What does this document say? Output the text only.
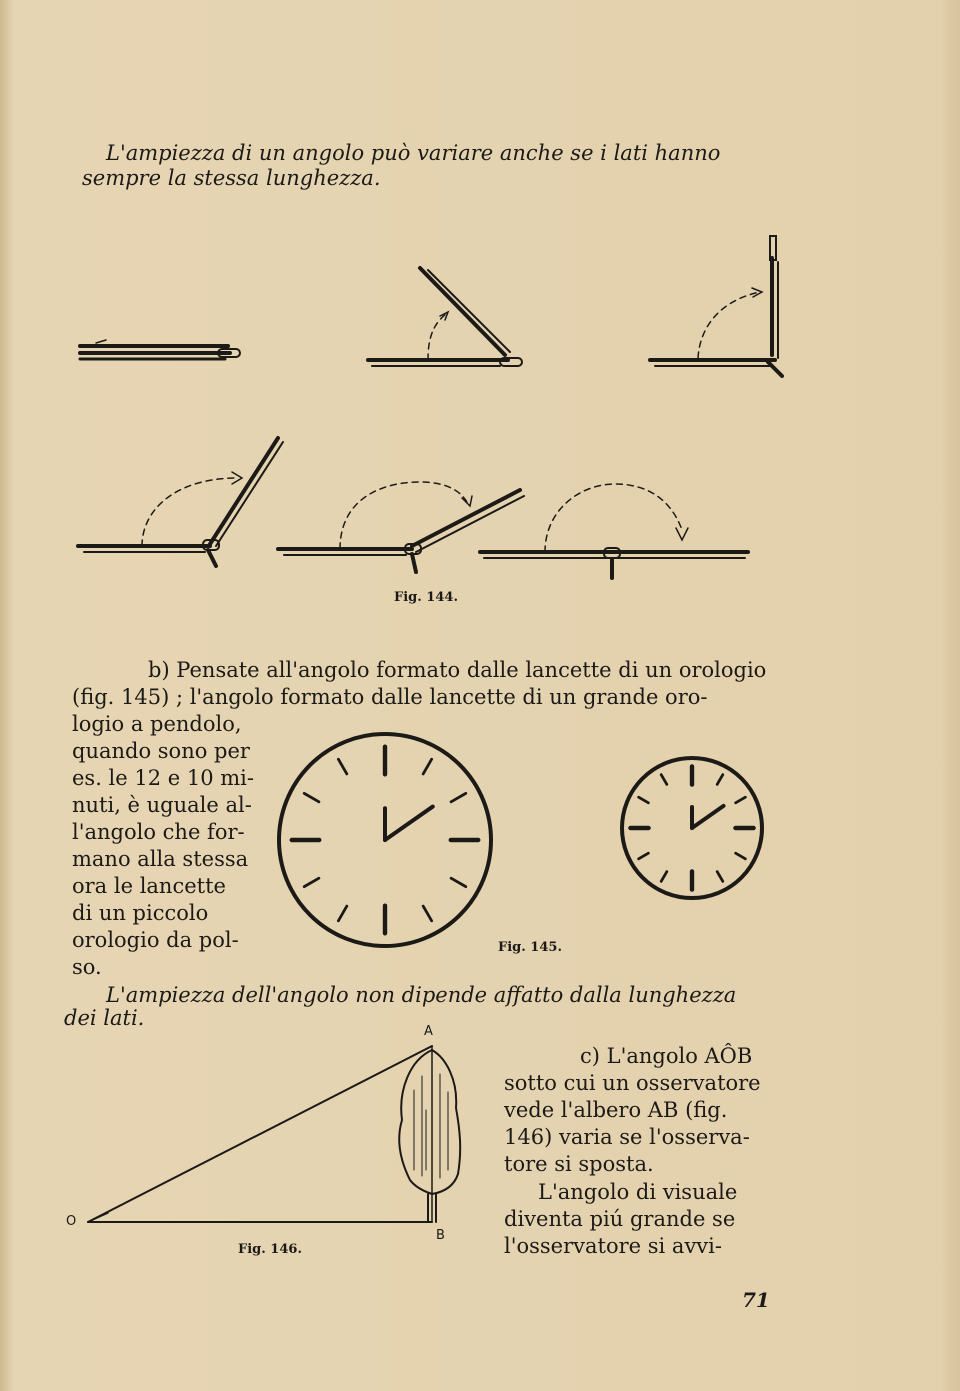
L'ampiezza di un angolo può variare anche se i lati hanno
sempre la stessa lunghezza.
Fig. 144.
b) Pensate all'angolo formato dalle lancette di un orologio
(fig. 145) ; l'angolo formato dalle lancette di un grande oro-
logio a pendolo,
quando sono per
es. le 12 e 10 mi-
nuti, è uguale al-
l'angolo che for-
mano alla stessa
ora le lancette
di un piccolo
orologio da pol-
so.
Fig. 145.
L'ampiezza dell'angolo non dipende affatto dalla lunghezza
dei lati.
A
O
B
Fig. 146.
c) L'angolo AÔB
sotto cui un osservatore
vede l'albero AB (fig.
146) varia se l'osserva-
tore si sposta.
L'angolo di visuale
diventa piú grande se
l'osservatore si avvi-
71
